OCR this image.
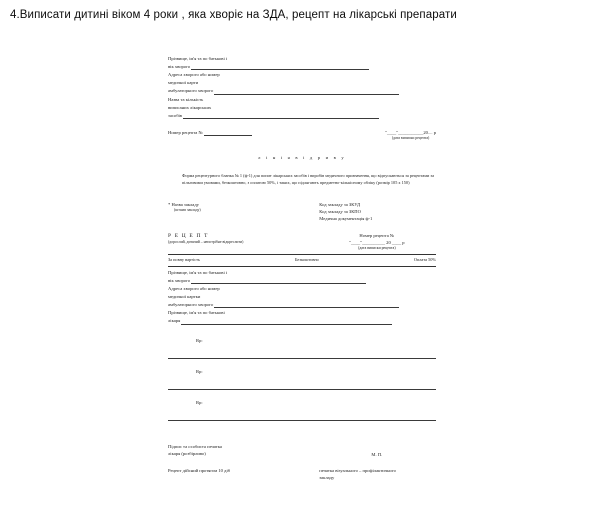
4.Виписати дитині віком 4 роки , яка хворіє на ЗДА, рецепт на лікарські препарати
Прізвище, ім'я та по батькові і
вік хворого
Адреса хворого або номер
медичної карти
амбулаторного хворого
Назва та кількість
виписаних лікарських
засобів
Номер рецепта №	"____"___________20.... р
(дата виписки рецепта)
л і н і я в і д р и в у
Форма рецептурного бланка № 1 (ф-1) для попит лікарських засобів і виробів медичного призначення, що відпускаються за рецептами за пільговими умовами, безкоштовно, з оплатою 50%, і таких, що підлягають предметно-кількісному обліку (розмір 105 х 150)
* Назва закладу
(штамп закладу)

Код закладу за ЗКУД
Код закладу за ЗКПО
Медична документація ф-1
Р Е Ц Е П Т
(дорослий, дитячий – непотрібне відкреслити)

Номер рецепта №
"____"__________ 20 ____ р
(дата виписки рецепта)
За повну вартість	Безкоштовно	Оплата 50%
Прізвище, ім'я та по батькові і
вік хворого
Адреса хворого або номер
медичної картки
амбулаторного хворого
Прізвище, ім'я та по батькові
лікаря
Rp:
Rp:
Rp:
Підпис та особиста печатка
лікаря (розбірливо)	М. П.
Рецепт дійсний протягом 10 діб
	печатка візуального – профілактичного
закладу
